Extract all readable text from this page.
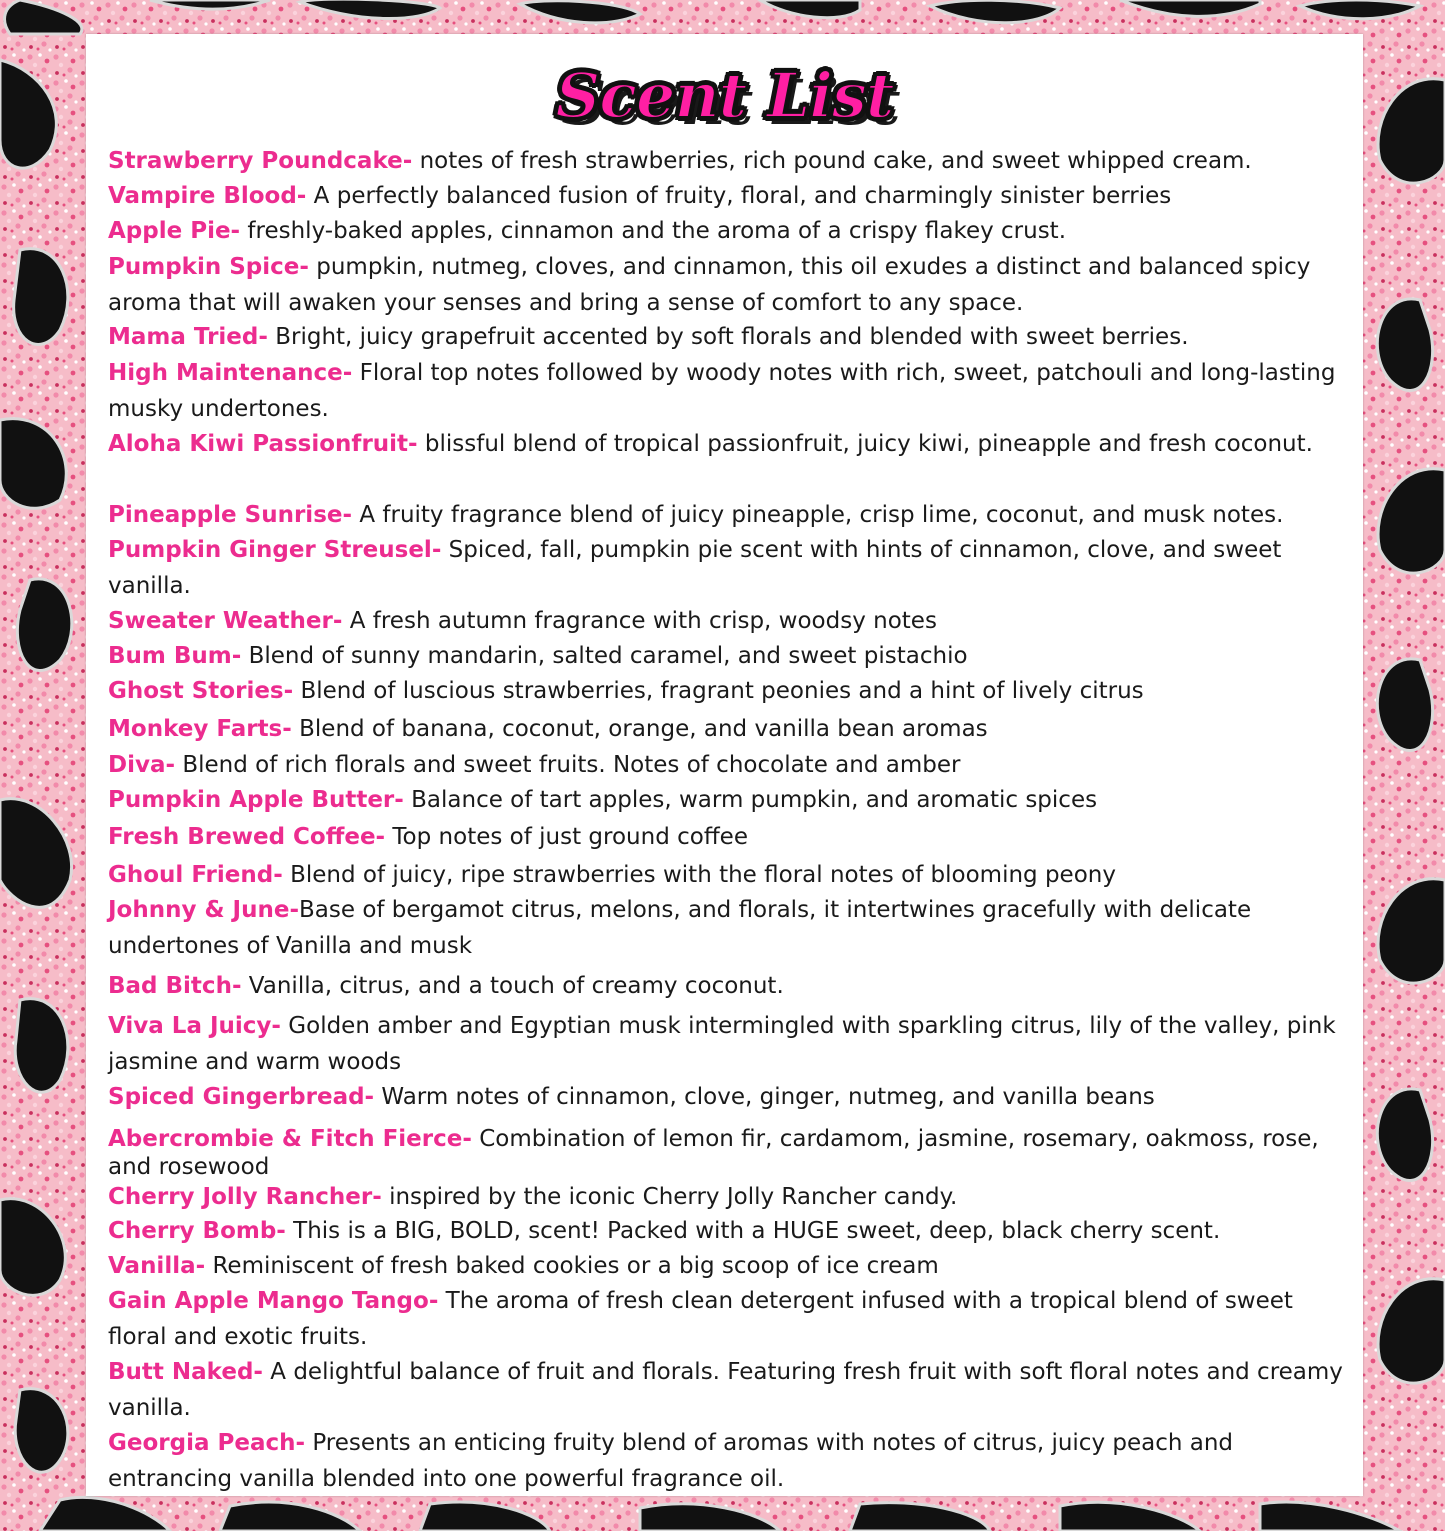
Scent List

Strawberry Poundcake- notes of fresh strawberries, rich pound cake, and sweet whipped cream.

Vampire Blood- A perfectly balanced fusion of fruity, floral, and charmingly sinister berries

Apple Pie- freshly-baked apples, cinnamon and the aroma of a crispy flakey crust.

Pumpkin Spice- pumpkin, nutmeg, cloves, and cinnamon, this oil exudes a distinct and balanced spicy aroma that will awaken your senses and bring a sense of comfort to any space.

Mama Tried- Bright, juicy grapefruit accented by soft florals and blended with sweet berries.

High Maintenance- Floral top notes followed by woody notes with rich, sweet, patchouli and long-lasting musky undertones.

Aloha Kiwi Passionfruit- blissful blend of tropical passionfruit, juicy kiwi, pineapple and fresh coconut.

Pineapple Sunrise- A fruity fragrance blend of juicy pineapple, crisp lime, coconut, and musk notes.

Pumpkin Ginger Streusel- Spiced, fall, pumpkin pie scent with hints of cinnamon, clove, and sweet vanilla.

Sweater Weather- A fresh autumn fragrance with crisp, woodsy notes

Bum Bum- Blend of sunny mandarin, salted caramel, and sweet pistachio

Ghost Stories- Blend of luscious strawberries, fragrant peonies and a hint of lively citrus

Monkey Farts- Blend of banana, coconut, orange, and vanilla bean aromas

Diva- Blend of rich florals and sweet fruits. Notes of chocolate and amber

Pumpkin Apple Butter- Balance of tart apples, warm pumpkin, and aromatic spices

Fresh Brewed Coffee- Top notes of just ground coffee

Ghoul Friend- Blend of juicy, ripe strawberries with the floral notes of blooming peony

Johnny & June-Base of bergamot citrus, melons, and florals, it intertwines gracefully with delicate undertones of Vanilla and musk

Bad Bitch- Vanilla, citrus, and a touch of creamy coconut.

Viva La Juicy- Golden amber and Egyptian musk intermingled with sparkling citrus, lily of the valley, pink jasmine and warm woods

Spiced Gingerbread- Warm notes of cinnamon, clove, ginger, nutmeg, and vanilla beans

Abercrombie & Fitch Fierce- Combination of lemon fir, cardamom, jasmine, rosemary, oakmoss, rose, and rosewood

Cherry Jolly Rancher- inspired by the iconic Cherry Jolly Rancher candy.

Cherry Bomb- This is a BIG, BOLD, scent! Packed with a HUGE sweet, deep, black cherry scent.

Vanilla- Reminiscent of fresh baked cookies or a big scoop of ice cream

Gain Apple Mango Tango- The aroma of fresh clean detergent infused with a tropical blend of sweet floral and exotic fruits.

Butt Naked- A delightful balance of fruit and florals. Featuring fresh fruit with soft floral notes and creamy vanilla.

Georgia Peach- Presents an enticing fruity blend of aromas with notes of citrus, juicy peach and entrancing vanilla blended into one powerful fragrance oil.
